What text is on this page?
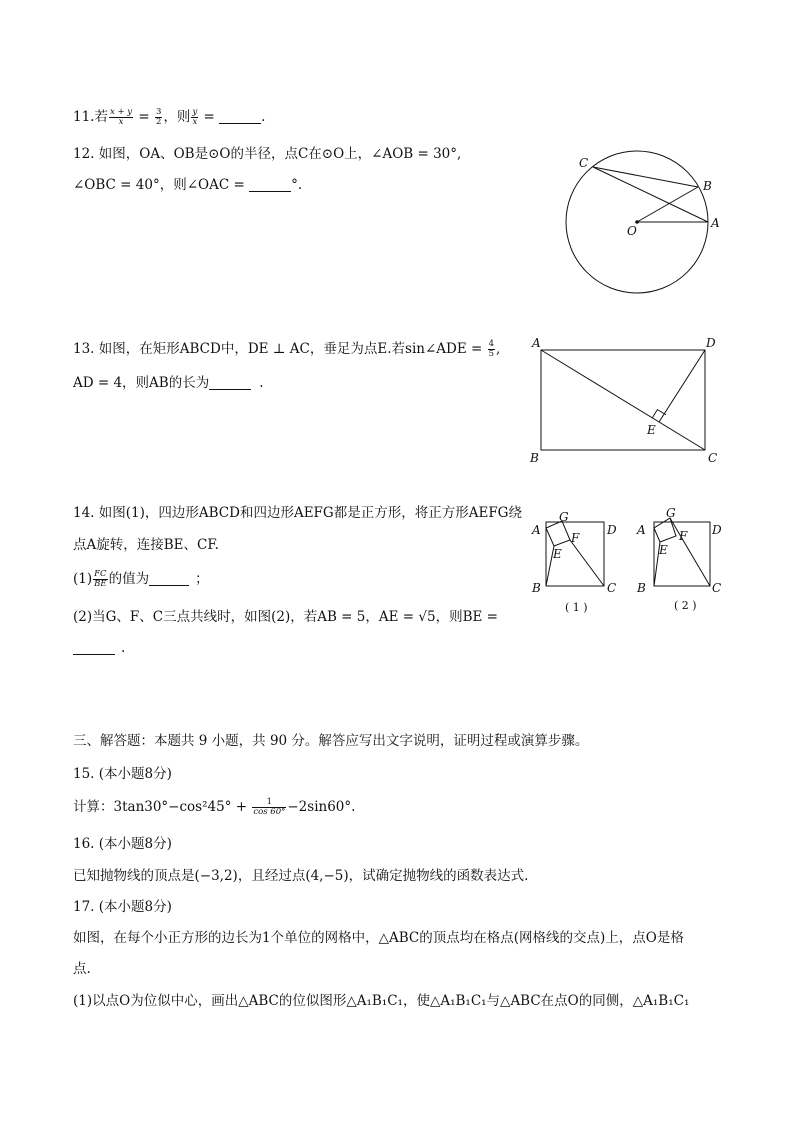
11.若 $\frac{x + y}{x} = \frac{3}{2}$ ，则 $\frac{y}{x}$ =	.
12. 如图，OA、OB是⊙O的半径，点C在⊙O上，∠AOB = 30°,
∠OBC = 40°，则∠OAC =	°.
C
B
O
A
13. 如图，在矩形ABCD中，DE ⊥ AC，垂足为点E.若sin∠ADE = $\frac{4}{5}$ ,
AD = 4，则AB的长为	.
A	D
E
B	C
14. 如图(1)，四边形ABCD和四边形AEFG都是正方形，将正方形AEFG绕
点A旋转，连接BE、CF.
$(1) \frac{FC}{BE}$ 的值为	；
(2)当G、F、C三点共线时，如图(2)，若AB = 5，AE = √5，则BE =
.
A
G
D
E
F
B	C
( 1 )
A
G
D
E
F
B	C
( 2 )
三、解答题：本题共 9 小题，共 90 分。解答应写出文字说明，证明过程或演算步骤。
15. (本小题8分)
计算：$3\tan 30^\circ-\cos^245^\circ + \frac{1}{\cos 60^\circ} -2\sin 60^\circ$.
16. (本小题8分)
已知抛物线的顶点是(−3,2)，且经过点(4,−5)，试确定抛物线的函数表达式.
17. (本小题8分)
如图，在每个小正方形的边长为1个单位的网格中，△ABC的顶点均在格点(网格线的交点)上，点O是格
点.
(1)以点O为位似中心，画出△ABC的位似图形△A₁B₁C₁，使△A₁B₁C₁与△ABC在点O的同侧，△A₁B₁C₁
